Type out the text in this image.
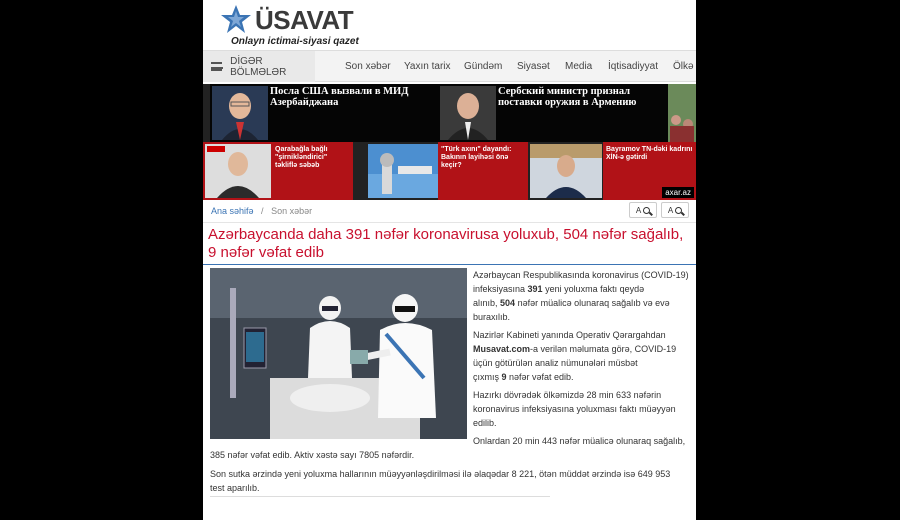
ÜSAVAT
Onlayn ictimai-siyasi qazet
DİGƏR BÖLMƏLƏR	Son xəbər Yaxın tarix Gündəm Siyasət Media İqtisadiyyat Ölkə
Посла США вызвали в МИД Азербайджана
Сербский министр признал поставки оружия в Армению
Qarabağla bağlı "şirnikləndirici" təkliflə səbəb
"Türk axını" dayandı: Bakının layihəsi önə keçir?
Bayramov TN-dəki kadrını XİN-ə gətirdi
axar.az
Ana səhifə / Son xəbər	A	A
Azərbaycanda daha 391 nəfər koronavirusa yoluxub, 504 nəfər sağalıb, 9 nəfər vəfat edib

Azərbaycan Respublikasında koronavirus (COVID-19)
infeksiyasına 391 yeni yoluxma faktı qeydə
alınıb, 504 nəfər müalicə olunaraq sağalıb və evə
buraxılıb.

Nazirlər Kabineti yanında Operativ Qərargahdan
Musavat.com-a verilən məlumata görə, COVID-19
üçün götürülən analiz nümunələri müsbət
çıxmış 9 nəfər vəfat edib.

Hazırkı dövrədək ölkəmizdə 28 min 633 nəfərin
koronavirus infeksiyasına yoluxması faktı müəyyən
edilib.

Onlardan 20 min 443 nəfər müalicə olunaraq sağalıb,

385 nəfər vəfat edib. Aktiv xəstə sayı 7805 nəfərdir.

Son sutka ərzində yeni yoluxma hallarının müəyyənləşdirilməsi ilə əlaqədar 8 221, ötən müddət ərzində isə 649 953
test aparılıb.
